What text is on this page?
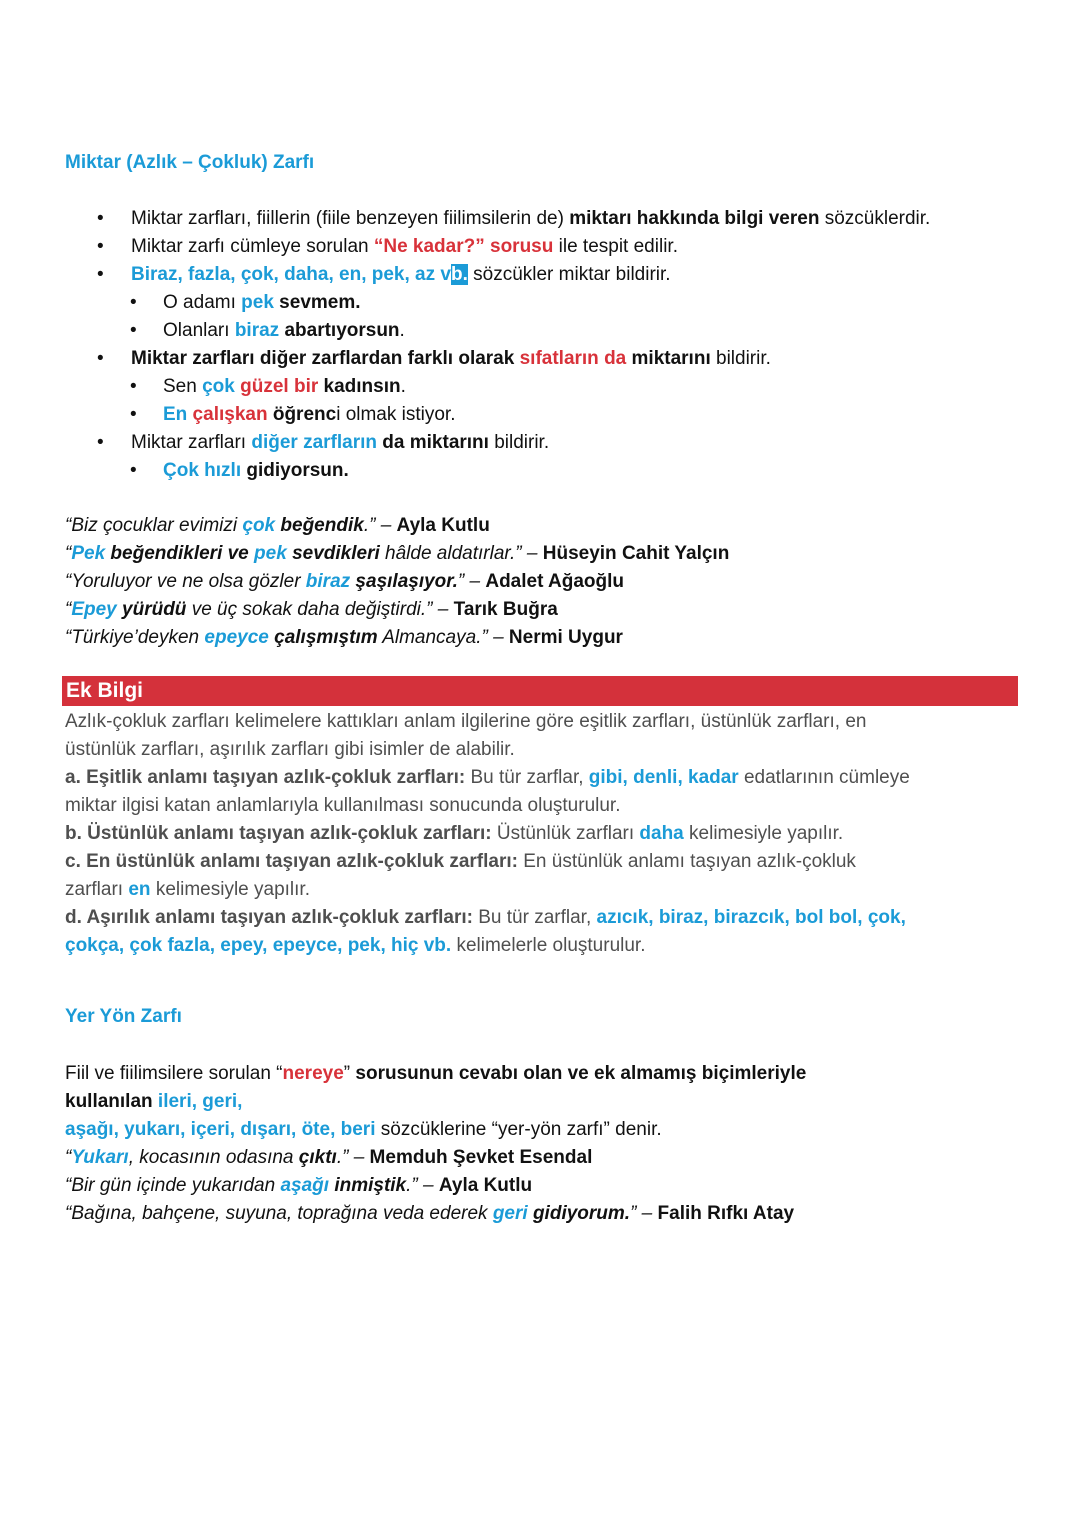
Miktar (Azlık – Çokluk) Zarfı
• Miktar zarfları, fiillerin (fiile benzeyen fiilimsilerin de) miktarı hakkında bilgi veren sözcüklerdir.
• Miktar zarfı cümleye sorulan “Ne kadar?” sorusu ile tespit edilir.
• Biraz, fazla, çok, daha, en, pek, az vb. sözcükler miktar bildirir.
• O adamı pek sevmem.
• Olanları biraz abartıyorsun.
• Miktar zarfları diğer zarflardan farklı olarak sıfatların da miktarını bildirir.
• Sen çok güzel bir kadınsın.
• En çalışkan öğrenci olmak istiyor.
• Miktar zarfları diğer zarfların da miktarını bildirir.
• Çok hızlı gidiyorsun.
“Biz çocuklar evimizi çok beğendik.” – Ayla Kutlu
“Pek beğendikleri ve pek sevdikleri hâlde aldatırlar.” – Hüseyin Cahit Yalçın
“Yoruluyor ve ne olsa gözler biraz şaşılaşıyor.” – Adalet Ağaoğlu
“Epey yürüdü ve üç sokak daha değiştirdi.” – Tarık Buğra
“Türkiye’deyken epeyce çalışmıştım Almancaya.” – Nermi Uygur
Ek Bilgi
Azlık-çokluk zarfları kelimelere kattıkları anlam ilgilerine göre eşitlik zarfları, üstünlük zarfları, en
üstünlük zarfları, aşırılık zarfları gibi isimler de alabilir.
a. Eşitlik anlamı taşıyan azlık-çokluk zarfları: Bu tür zarflar, gibi, denli, kadar edatlarının cümleye
miktar ilgisi katan anlamlarıyla kullanılması sonucunda oluşturulur.
b. Üstünlük anlamı taşıyan azlık-çokluk zarfları: Üstünlük zarfları daha kelimesiyle yapılır.
c. En üstünlük anlamı taşıyan azlık-çokluk zarfları: En üstünlük anlamı taşıyan azlık-çokluk
zarfları en kelimesiyle yapılır.
d. Aşırılık anlamı taşıyan azlık-çokluk zarfları: Bu tür zarflar, azıcık, biraz, birazcık, bol bol, çok,
çokça, çok fazla, epey, epeyce, pek, hiç vb. kelimelerle oluşturulur.
Yer Yön Zarfı
Fiil ve fiilimsilere sorulan “nereye” sorusunun cevabı olan ve ek almamış biçimleriyle
kullanılan ileri, geri,
aşağı, yukarı, içeri, dışarı, öte, beri sözcüklerine “yer-yön zarfı” denir.
“Yukarı, kocasının odasına çıktı.” – Memduh Şevket Esendal
“Bir gün içinde yukarıdan aşağı inmiştik.” – Ayla Kutlu
“Bağına, bahçene, suyuna, toprağına veda ederek geri gidiyorum.” – Falih Rıfkı Atay
